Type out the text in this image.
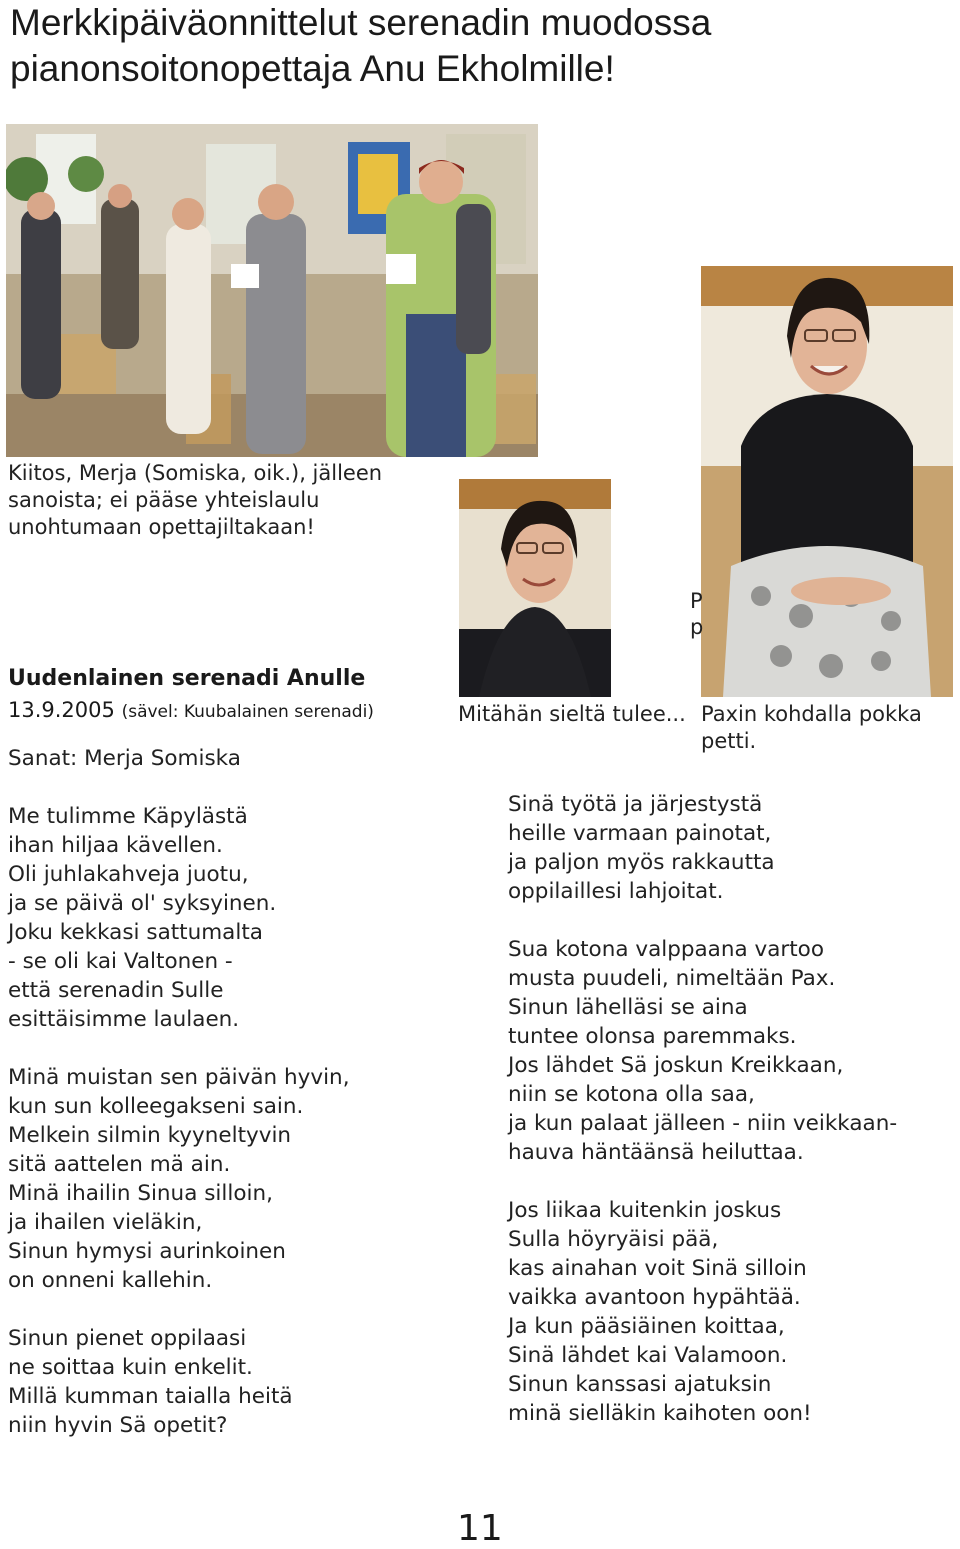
Merkkipäiväonnittelut serenadin muodossa
pianonsoitonopettaja Anu Ekholmille!
Kiitos, Merja (Somiska, oik.), jälleen
sanoista; ei pääse yhteislaulu
unohtumaan opettajiltakaan!
P
p
Mitähän sieltä tulee... Paxin kohdalla pokka
petti.
Uudenlainen serenadi Anulle
13.9.2005 (sävel: Kuubalainen serenadi)
Sanat: Merja Somiska
Me tulimme Käpylästä
ihan hiljaa kävellen.
Oli juhlakahveja juotu,
ja se päivä ol' syksyinen.
Joku kekkasi sattumalta
- se oli kai Valtonen -
että serenadin Sulle
esittäisimme laulaen.
Minä muistan sen päivän hyvin,
kun sun kolleegakseni sain.
Melkein silmin kyyneltyvin
sitä aattelen mä ain.
Minä ihailin Sinua silloin,
ja ihailen vieläkin,
Sinun hymysi aurinkoinen
on onneni kallehin.
Sinun pienet oppilaasi
ne soittaa kuin enkelit.
Millä kumman taialla heitä
niin hyvin Sä opetit?
Sinä työtä ja järjestystä
heille varmaan painotat,
ja paljon myös rakkautta
oppilaillesi lahjoitat.
Sua kotona valppaana vartoo
musta puudeli, nimeltään Pax.
Sinun lähelläsi se aina
tuntee olonsa paremmaks.
Jos lähdet Sä joskun Kreikkaan,
niin se kotona olla saa,
ja kun palaat jälleen - niin veikkaan-
hauva häntäänsä heiluttaa.
Jos liikaa kuitenkin joskus
Sulla höyryäisi pää,
kas ainahan voit Sinä silloin
vaikka avantoon hypähtää.
Ja kun pääsiäinen koittaa,
Sinä lähdet kai Valamoon.
Sinun kanssasi ajatuksin
minä sielläkin kaihoten oon!
11
